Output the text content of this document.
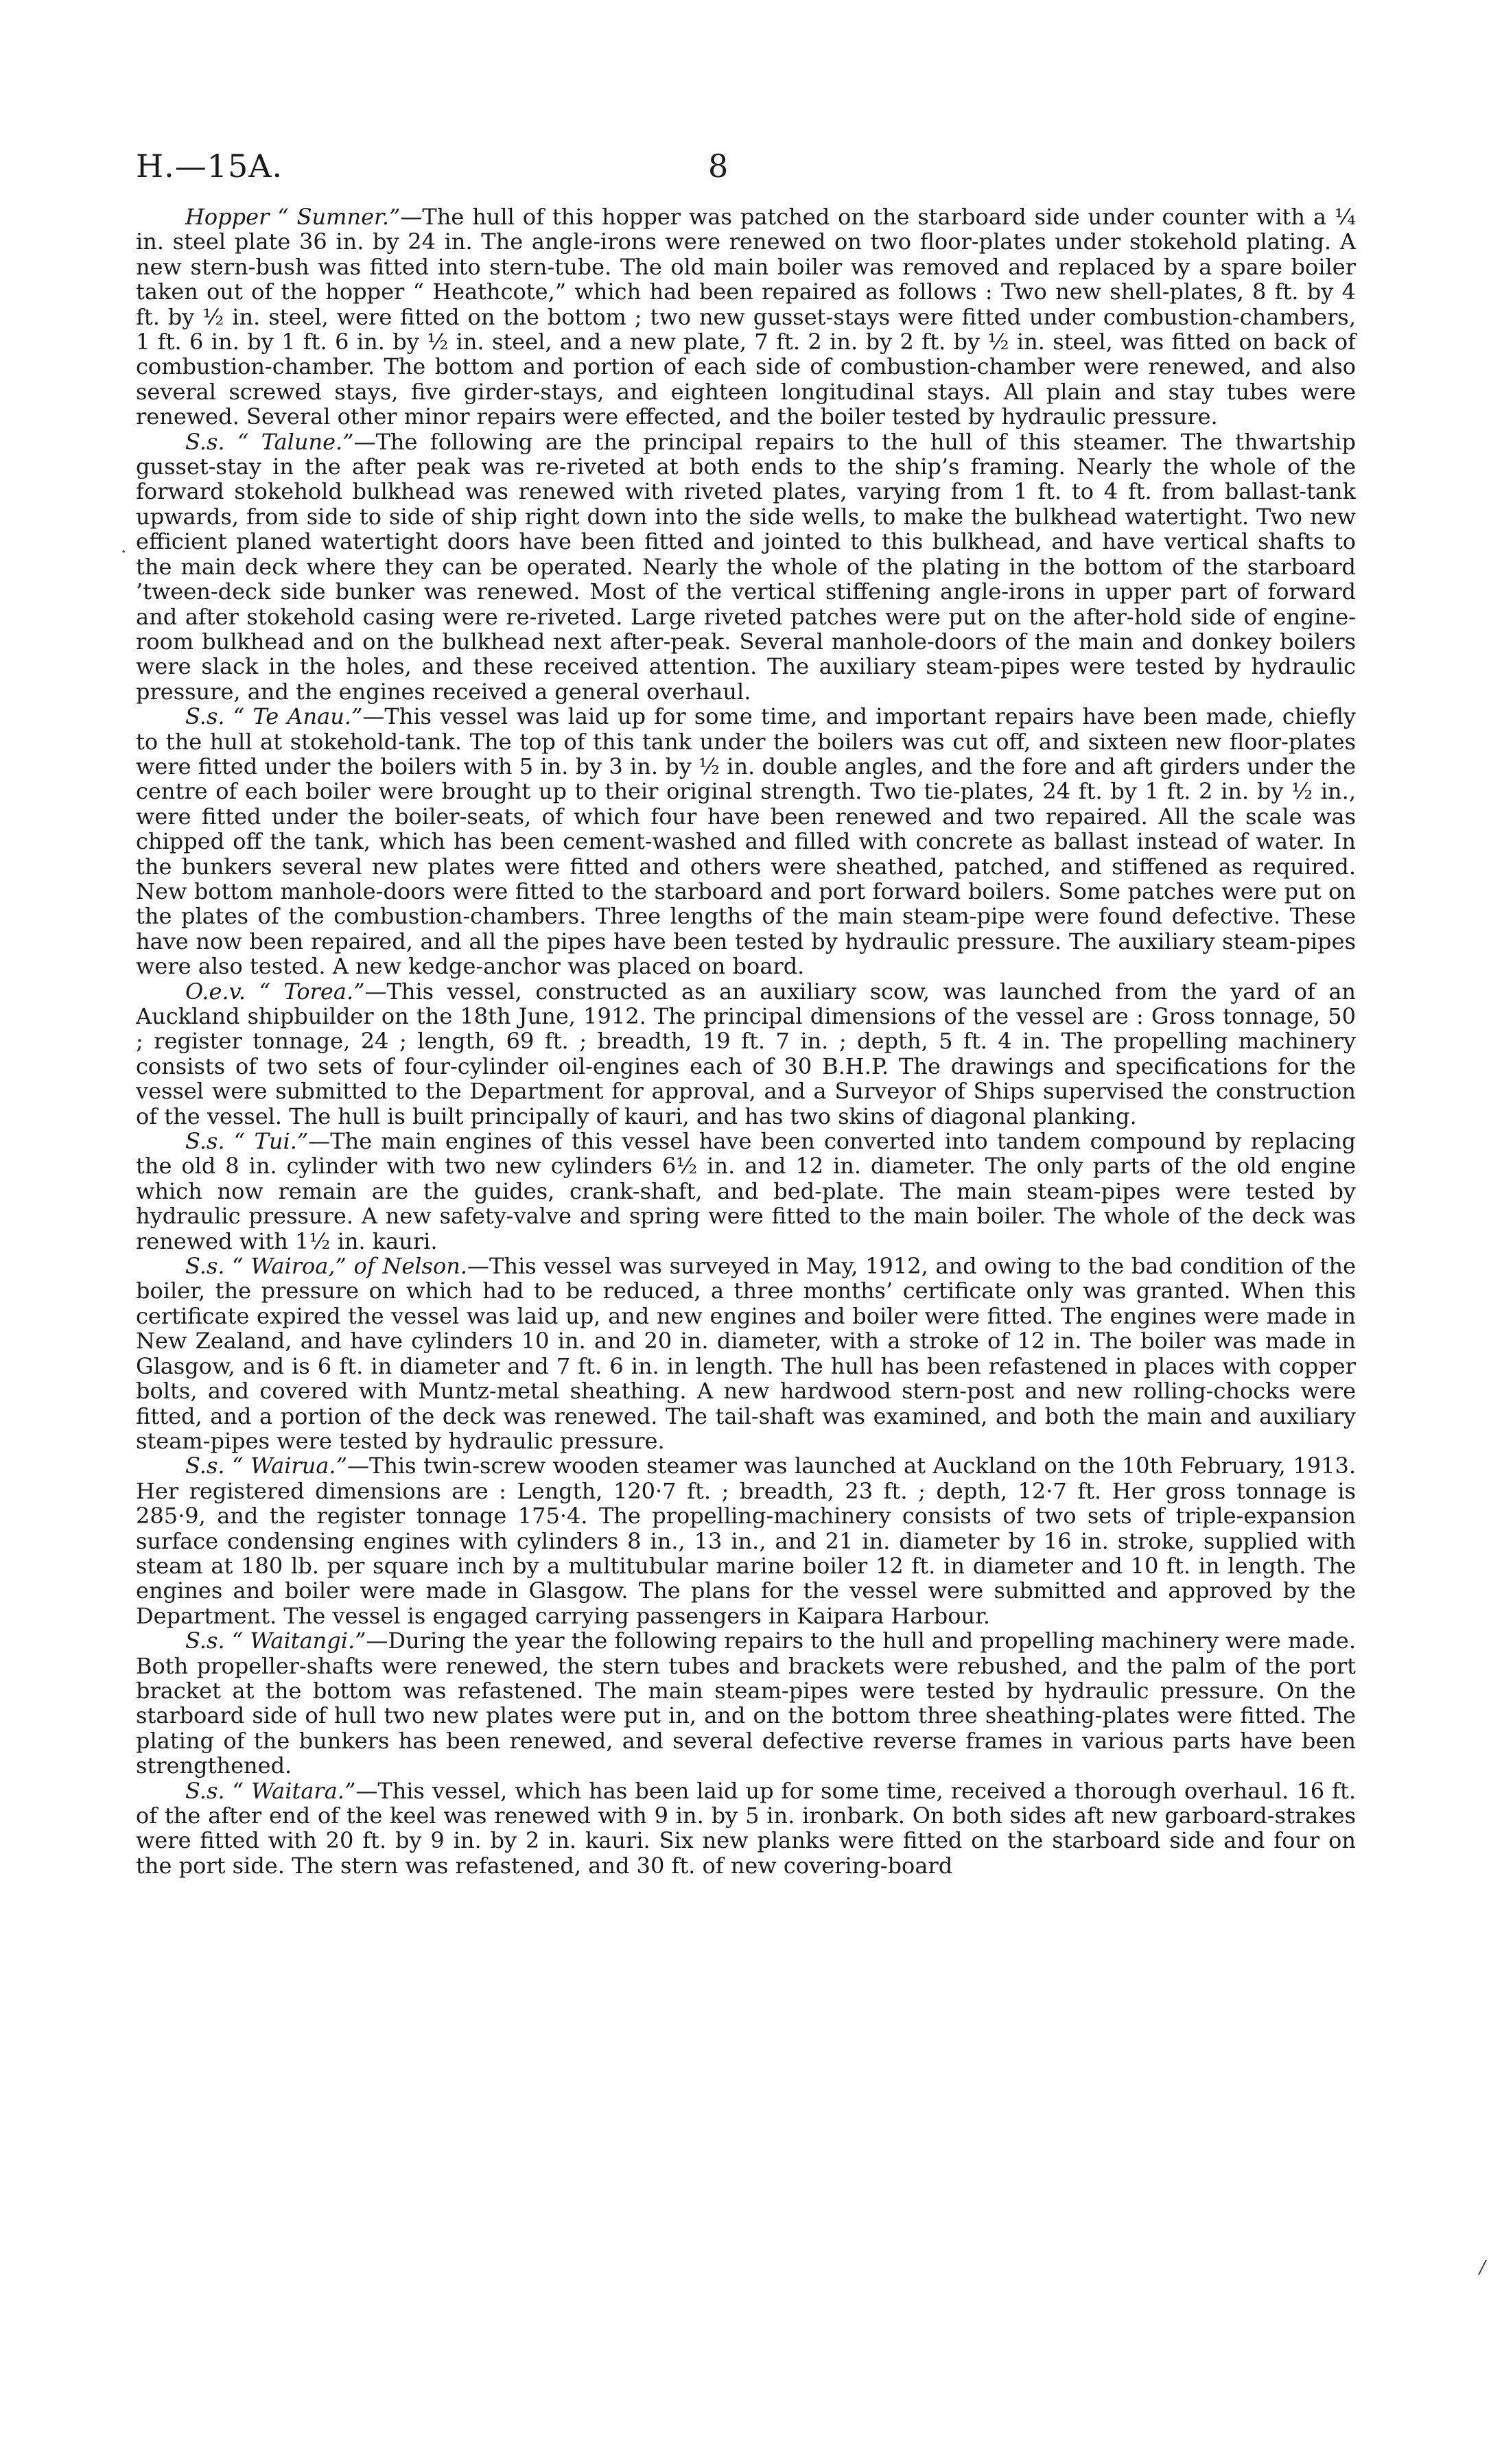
H.—15A.	8

Hopper “ Sumner.”—The hull of this hopper was patched on the starboard side under counter with a ¼ in. steel plate 36 in. by 24 in. The angle-irons were renewed on two floor-plates under stokehold plating. A new stern-bush was fitted into stern-tube. The old main boiler was removed and replaced by a spare boiler taken out of the hopper “ Heathcote,” which had been repaired as follows : Two new shell-plates, 8 ft. by 4 ft. by ½ in. steel, were fitted on the bottom ; two new gusset-stays were fitted under combustion-chambers, 1 ft. 6 in. by 1 ft. 6 in. by ½ in. steel, and a new plate, 7 ft. 2 in. by 2 ft. by ½ in. steel, was fitted on back of combustion-chamber. The bottom and portion of each side of combustion-chamber were renewed, and also several screwed stays, five girder-stays, and eighteen longitudinal stays. All plain and stay tubes were renewed. Several other minor repairs were effected, and the boiler tested by hydraulic pressure.

S.s. “ Talune.”—The following are the principal repairs to the hull of this steamer. The thwartship gusset-stay in the after peak was re-riveted at both ends to the ship’s framing. Nearly the whole of the forward stokehold bulkhead was renewed with riveted plates, varying from 1 ft. to 4 ft. from ballast-tank upwards, from side to side of ship right down into the side wells, to make the bulkhead watertight. Two new efficient planed watertight doors have been fitted and jointed to this bulkhead, and have vertical shafts to the main deck where they can be operated. Nearly the whole of the plating in the bottom of the starboard ’tween-deck side bunker was renewed. Most of the vertical stiffening angle-irons in upper part of forward and after stokehold casing were re-riveted. Large riveted patches were put on the after-hold side of engine-room bulkhead and on the bulkhead next after-peak. Several manhole-doors of the main and donkey boilers were slack in the holes, and these received attention. The auxiliary steam-pipes were tested by hydraulic pressure, and the engines received a general overhaul.

S.s. “ Te Anau.”—This vessel was laid up for some time, and important repairs have been made, chiefly to the hull at stokehold-tank. The top of this tank under the boilers was cut off, and sixteen new floor-plates were fitted under the boilers with 5 in. by 3 in. by ½ in. double angles, and the fore and aft girders under the centre of each boiler were brought up to their original strength. Two tie-plates, 24 ft. by 1 ft. 2 in. by ½ in., were fitted under the boiler-seats, of which four have been renewed and two repaired. All the scale was chipped off the tank, which has been cement-washed and filled with concrete as ballast instead of water. In the bunkers several new plates were fitted and others were sheathed, patched, and stiffened as required. New bottom manhole-doors were fitted to the starboard and port forward boilers. Some patches were put on the plates of the combustion-chambers. Three lengths of the main steam-pipe were found defective. These have now been repaired, and all the pipes have been tested by hydraulic pressure. The auxiliary steam-pipes were also tested. A new kedge-anchor was placed on board.

O.e.v. “ Torea.”—This vessel, constructed as an auxiliary scow, was launched from the yard of an Auckland shipbuilder on the 18th June, 1912. The principal dimensions of the vessel are : Gross tonnage, 50 ; register tonnage, 24 ; length, 69 ft. ; breadth, 19 ft. 7 in. ; depth, 5 ft. 4 in. The propelling machinery consists of two sets of four-cylinder oil-engines each of 30 B.H.P. The drawings and specifications for the vessel were submitted to the Department for approval, and a Surveyor of Ships supervised the construction of the vessel. The hull is built principally of kauri, and has two skins of diagonal planking.

S.s. “ Tui.”—The main engines of this vessel have been converted into tandem compound by replacing the old 8 in. cylinder with two new cylinders 6½ in. and 12 in. diameter. The only parts of the old engine which now remain are the guides, crank-shaft, and bed-plate. The main steam-pipes were tested by hydraulic pressure. A new safety-valve and spring were fitted to the main boiler. The whole of the deck was renewed with 1½ in. kauri.

S.s. “ Wairoa,” of Nelson.—This vessel was surveyed in May, 1912, and owing to the bad condition of the boiler, the pressure on which had to be reduced, a three months’ certificate only was granted. When this certificate expired the vessel was laid up, and new engines and boiler were fitted. The engines were made in New Zealand, and have cylinders 10 in. and 20 in. diameter, with a stroke of 12 in. The boiler was made in Glasgow, and is 6 ft. in diameter and 7 ft. 6 in. in length. The hull has been refastened in places with copper bolts, and covered with Muntz-metal sheathing. A new hardwood stern-post and new rolling-chocks were fitted, and a portion of the deck was renewed. The tail-shaft was examined, and both the main and auxiliary steam-pipes were tested by hydraulic pressure.

S.s. “ Wairua.”—This twin-screw wooden steamer was launched at Auckland on the 10th February, 1913. Her registered dimensions are : Length, 120·7 ft. ; breadth, 23 ft. ; depth, 12·7 ft. Her gross tonnage is 285·9, and the register tonnage 175·4. The propelling-machinery consists of two sets of triple-expansion surface condensing engines with cylinders 8 in., 13 in., and 21 in. diameter by 16 in. stroke, supplied with steam at 180 lb. per square inch by a multitubular marine boiler 12 ft. in diameter and 10 ft. in length. The engines and boiler were made in Glasgow. The plans for the vessel were submitted and approved by the Department. The vessel is engaged carrying passengers in Kaipara Harbour.

S.s. “ Waitangi.”—During the year the following repairs to the hull and propelling machinery were made. Both propeller-shafts were renewed, the stern tubes and brackets were rebushed, and the palm of the port bracket at the bottom was refastened. The main steam-pipes were tested by hydraulic pressure. On the starboard side of hull two new plates were put in, and on the bottom three sheathing-plates were fitted. The plating of the bunkers has been renewed, and several defective reverse frames in various parts have been strengthened.

S.s. “ Waitara.”—This vessel, which has been laid up for some time, received a thorough overhaul. 16 ft. of the after end of the keel was renewed with 9 in. by 5 in. ironbark. On both sides aft new garboard-strakes were fitted with 20 ft. by 9 in. by 2 in. kauri. Six new planks were fitted on the starboard side and four on the port side. The stern was refastened, and 30 ft. of new covering-board

·
/
